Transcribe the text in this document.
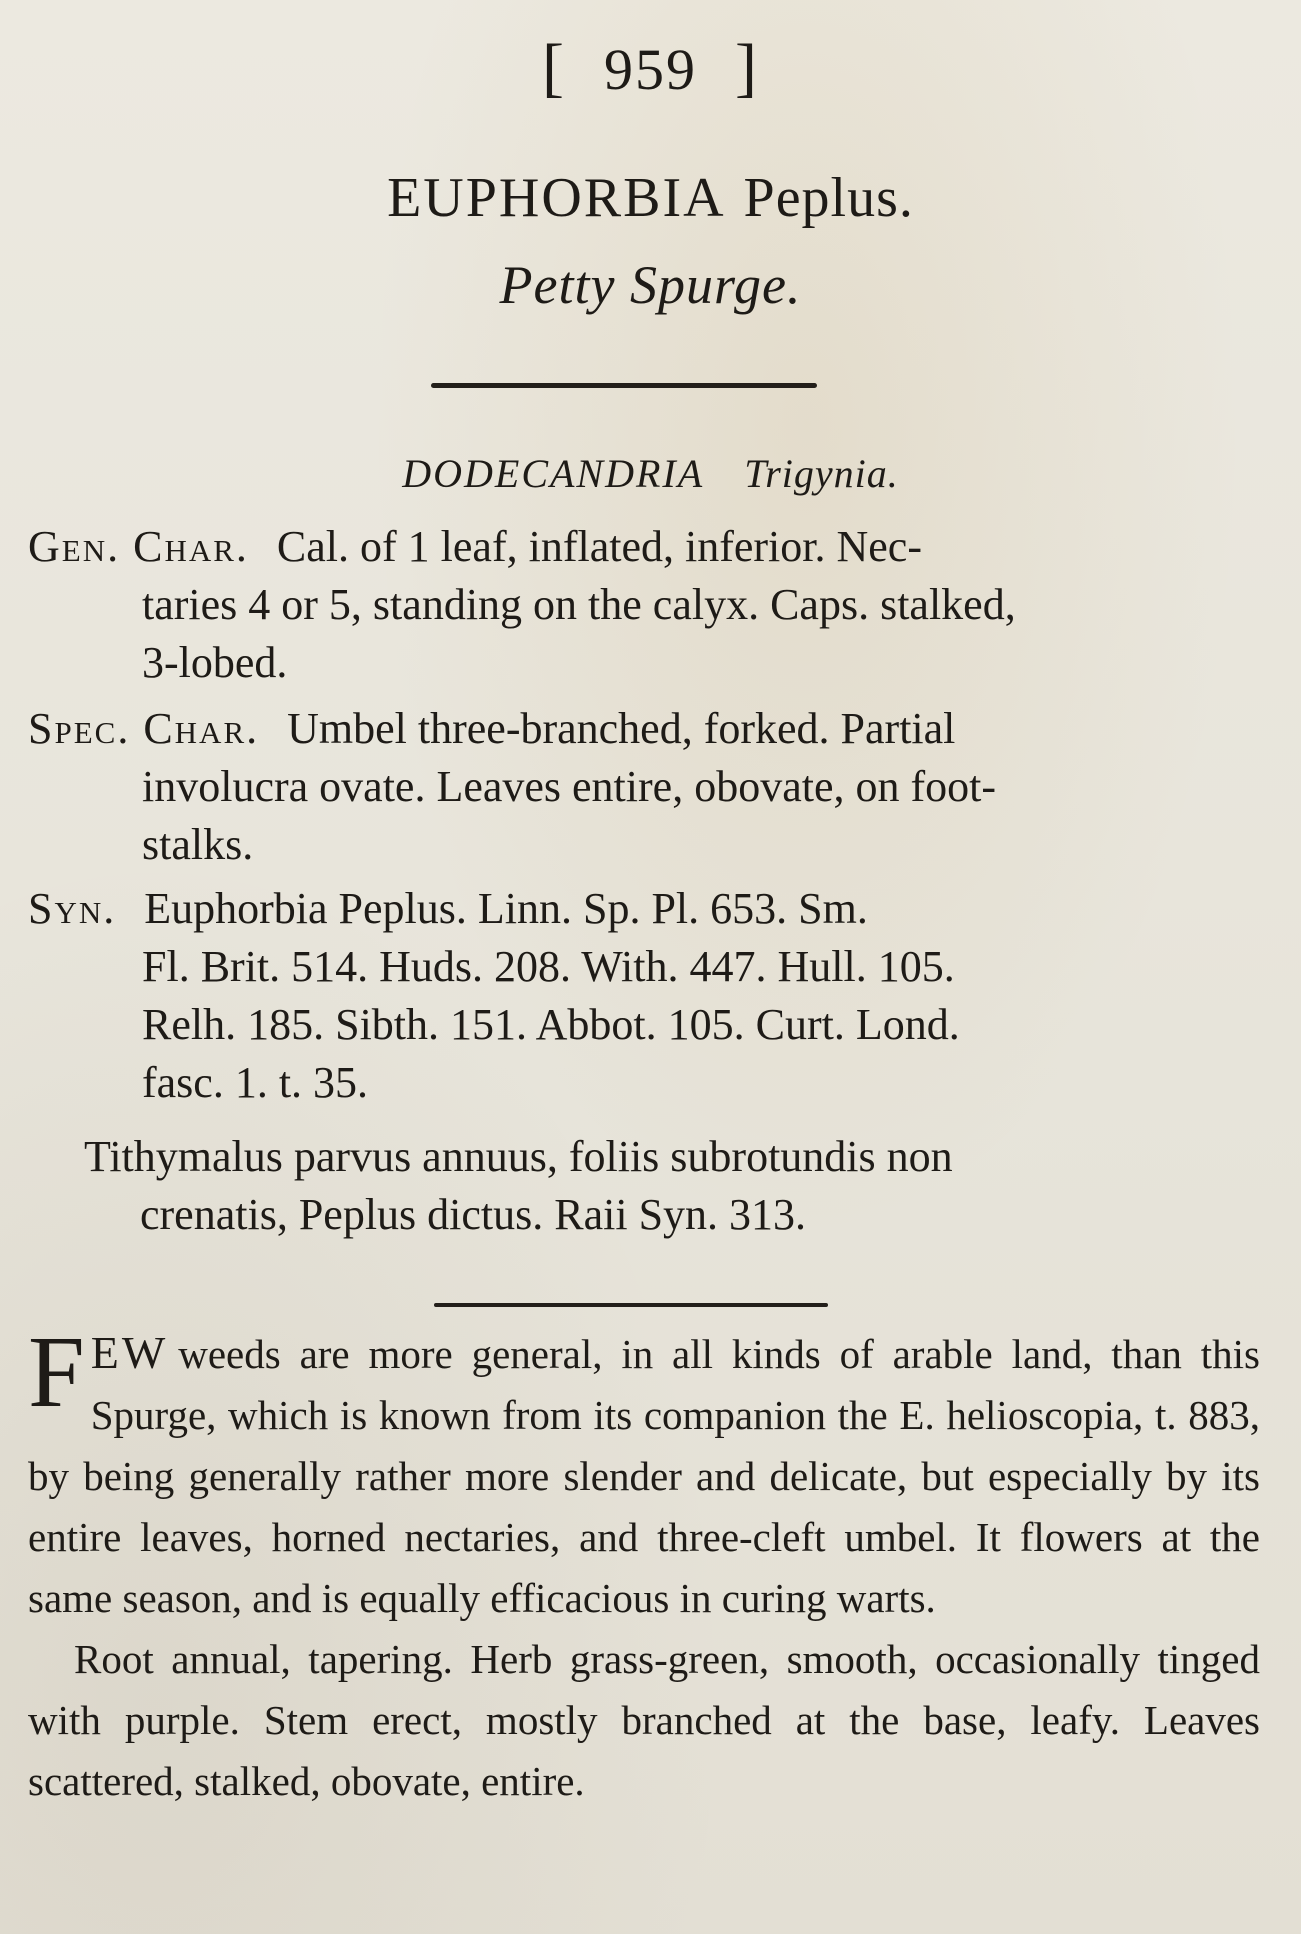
[ 959 ]
EUPHORBIA Peplus.
Petty Spurge.
DODECANDRIA Trigynia.
Gen. Char. Cal. of 1 leaf, inflated, inferior. Nec-
taries 4 or 5, standing on the calyx. Caps. stalked,
3-lobed.
Spec. Char. Umbel three-branched, forked. Partial
involucra ovate. Leaves entire, obovate, on foot-
stalks.
Syn. Euphorbia Peplus. Linn. Sp. Pl. 653. Sm.
Fl. Brit. 514. Huds. 208. With. 447. Hull. 105.
Relh. 185. Sibth. 151. Abbot. 105. Curt. Lond.
fasc. 1. t. 35.
Tithymalus parvus annuus, foliis subrotundis non
crenatis, Peplus dictus. Raii Syn. 313.

FEW weeds are more general, in all kinds of arable land, than this Spurge, which is known from its companion the E. helioscopia, t. 883, by being generally rather more slender and delicate, but especially by its entire leaves, horned nectaries, and three-cleft umbel. It flowers at the same season, and is equally efficacious in curing warts.

Root annual, tapering. Herb grass-green, smooth, occasionally tinged with purple. Stem erect, mostly branched at the base, leafy. Leaves scattered, stalked, obovate, entire.
